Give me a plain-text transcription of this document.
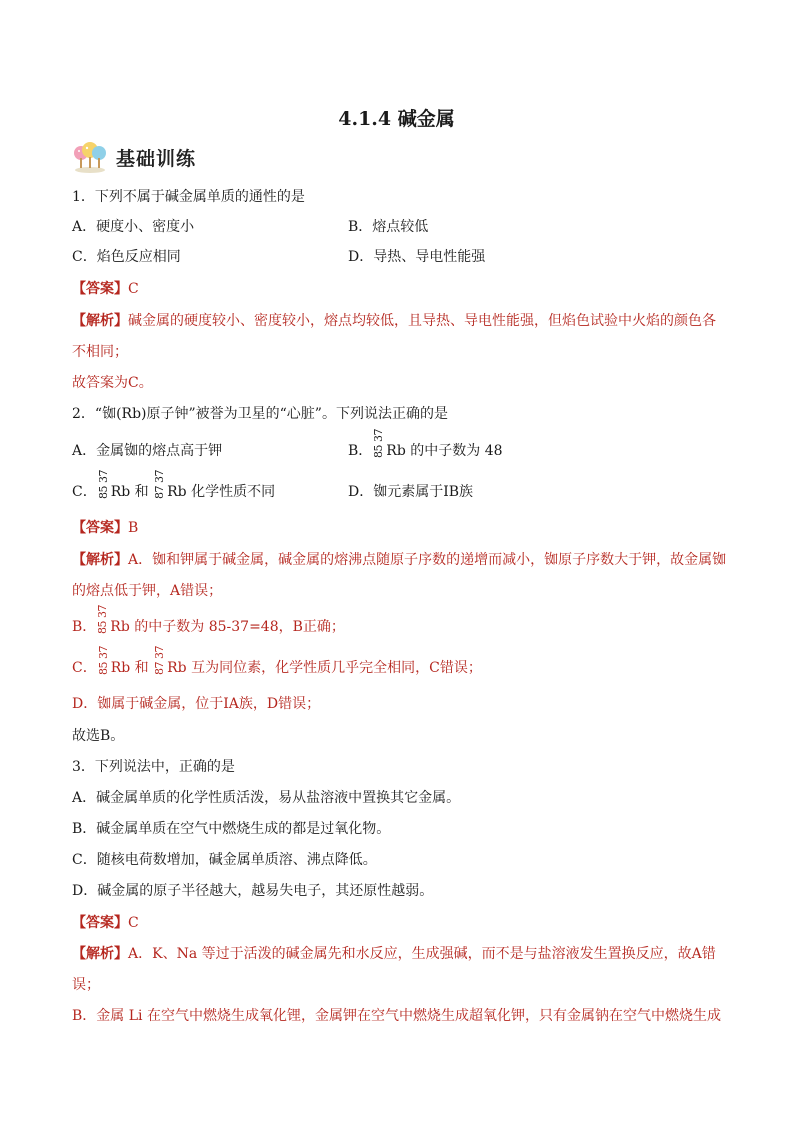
4.1.4 碱金属
基础训练
1．下列不属于碱金属单质的通性的是
A．硬度小、密度小	B．熔点较低
C．焰色反应相同	D．导热、导电性能强
【答案】C
【解析】碱金属的硬度较小、密度较小，熔点均较低，且导热、导电性能强，但焰色试验中火焰的颜色各
不相同；
故答案为C。
2．“铷(Rb)原子钟”被誉为卫星的“心脏”。下列说法正确的是
A．金属铷的熔点高于钾	B．85 37Rb 的中子数为 48
C．85 37Rb 和 87 37Rb 化学性质不同	D．铷元素属于ⅠB族
【答案】B
【解析】A．铷和钾属于碱金属，碱金属的熔沸点随原子序数的递增而减小，铷原子序数大于钾，故金属铷
的熔点低于钾，A错误；
B．85 37Rb 的中子数为 85-37=48，B正确；
C．85 37Rb 和 87 37Rb 互为同位素，化学性质几乎完全相同，C错误；
D．铷属于碱金属，位于ⅠA族，D错误；
故选B。
3．下列说法中，正确的是
A．碱金属单质的化学性质活泼，易从盐溶液中置换其它金属。
B．碱金属单质在空气中燃烧生成的都是过氧化物。
C．随核电荷数增加，碱金属单质溶、沸点降低。
D．碱金属的原子半径越大，越易失电子，其还原性越弱。
【答案】C
【解析】A．K、Na 等过于活泼的碱金属先和水反应，生成强碱，而不是与盐溶液发生置换反应，故A错
误；
B．金属 Li 在空气中燃烧生成氧化锂，金属钾在空气中燃烧生成超氧化钾，只有金属钠在空气中燃烧生成
